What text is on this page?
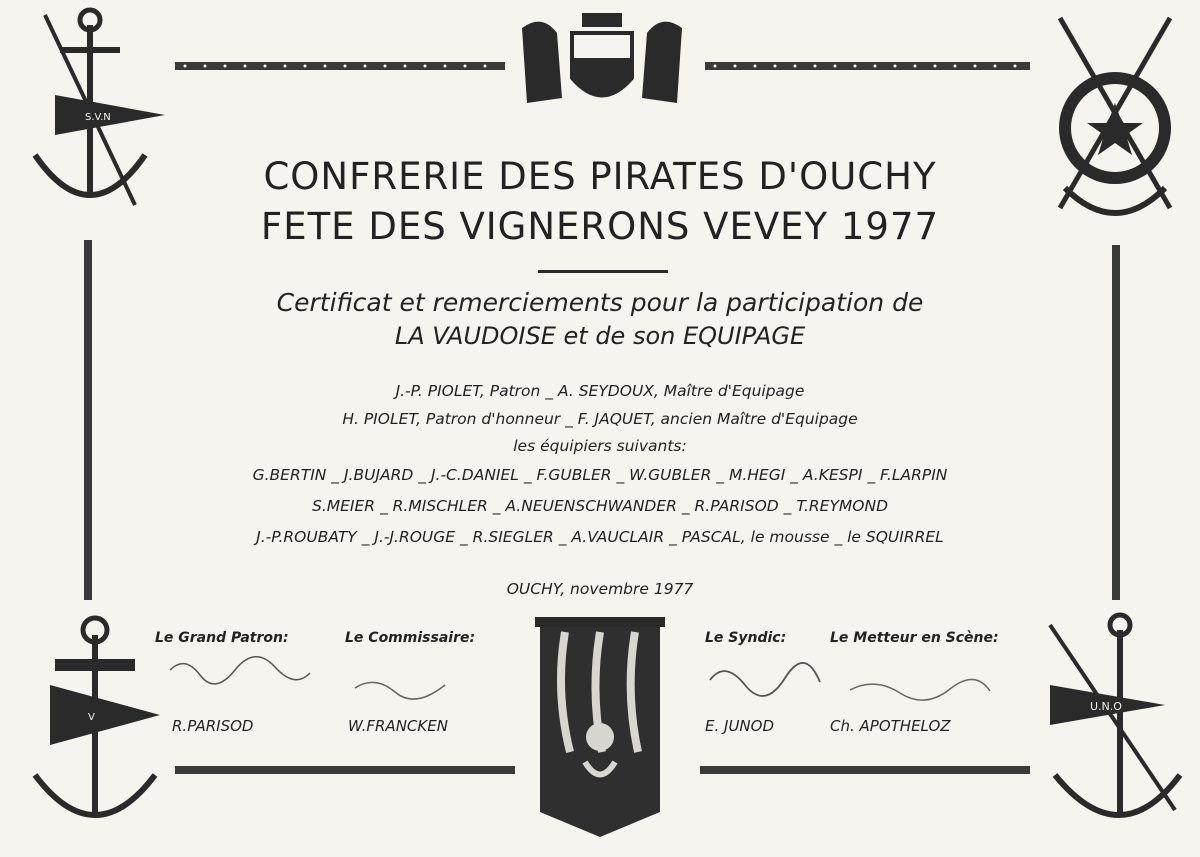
S.V.N
V
U.N.O
CONFRERIE DES PIRATES D'OUCHY
FETE DES VIGNERONS VEVEY 1977
Certificat et remerciements pour la participation de
LA VAUDOISE et de son EQUIPAGE
J.-P. PIOLET, Patron _ A. SEYDOUX, Maître d'Equipage
H. PIOLET, Patron d'honneur _ F. JAQUET, ancien Maître d'Equipage
les équipiers suivants:
G.BERTIN _ J.BUJARD _ J.-C.DANIEL _ F.GUBLER _ W.GUBLER _ M.HEGI _ A.KESPI _ F.LARPIN
S.MEIER _ R.MISCHLER _ A.NEUENSCHWANDER _ R.PARISOD _ T.REYMOND
J.-P.ROUBATY _ J.-J.ROUGE _ R.SIEGLER _ A.VAUCLAIR _ PASCAL, le mousse _ le SQUIRREL
OUCHY, novembre 1977
Le Grand Patron:	Le Commissaire:	Le Syndic:	Le Metteur en Scène:
R.PARISOD	W.FRANCKEN	E. JUNOD	Ch. APOTHELOZ
